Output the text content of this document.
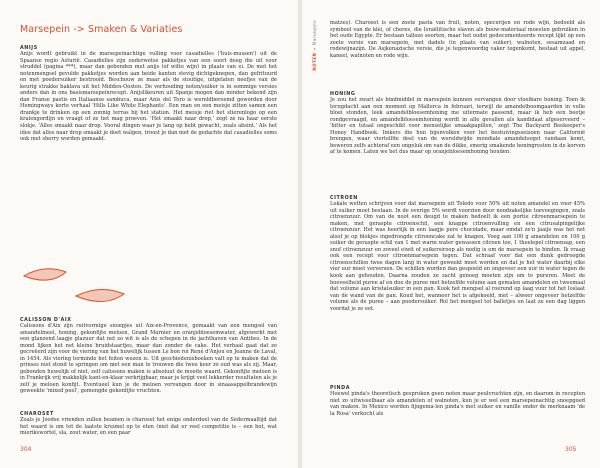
Marsepein -> Smaken & Variaties
ANIJS
Anijs wordt gebruikt in de marsepeinachtige vulling voor casadielles ('huis-mussen') uit de Spaanse regio Asturië. Casadielles zijn ouderwetse pakketjes van een soort deeg die uit voor struddel (pagina ***), maar dan gebonden met anijs (of witte wijn) in plaats van ei. De met het notenmengsel gevulde pakketjes worden aan beide kanten stevig dichtgeknepen, dan gefrituurd en met poedersuiker bestrooid. Beschouw ze maar als de stoutige, uitgelaten neefjes van de keurig strakke baklava uit het Midden-Oosten. De verhouding noten/suiker is in sommige versies anders dan in ons basismarsepeinrecept. Anijslikeuren uit Spanje mogen dan minder bekend zijn dan Franse pastis en Italiaanse sambuca, maar Anis del Toro is wereldberoemd geworden door Hemingways korte verhaal 'Hills Like White Elephants'. Een man en een meisje zitten samen een drankje te drinken op een zonnig terras bij het station. Het meisje riet het stierenlogo op een kralengordijn en vraagt of ze het mag proeven. 'Het smaakt naar drop,' zegt ze na haar eerste slokje. 'Alles smaakt naar drop. Vooral dingen waar je lang op hebt gewacht, zoals absint.' Als het idee dat alles naar drop smaakt je doet walgen, troost je dan met de gedachte dat casadielles soms ook met sherry worden gemaakt.
CALISSON D'AIX
Calissons d'Aix zijn ruitvormige snoepjes uit Aix-en-Provence, gemaakt van een mengsel van amandelmeel, honing, gekonfijte meloen, Grand Marnier en oranjebloesemwater, afgewerkt met een glanzend laagje glazuur dat net zo wit is als de schepen in de jachthaven van Antibes. In de mond lijken het net kleine bruidstaartjes, maar dan zonder de cake. Het verhaal gaat dat ze gecreëerd zijn voor de viering van het huwelijk tussen Le bon roi René d'Anjou en Jeanne de Laval, in 1454. Als viering terminde het feiten wezen is. Uit geschiedenisboeken valt op te maken dat de prinses niet stond te springen om met een man te trouwen die twee keer zo oud was als zij. Maar, gebonden huwelijk of niet, zelf calissons maken is absoluut de moeite waard. Gekonfijte meloen is in Frankrijk vrij makkelijk kant-en-klaar verkrijgbaar, maar je krijgt veel lekkerder resultaten als je zelf je meloen konfijt. Eventueel kun je de meloen vervangen door in sinaasappelbrandewijn geweekte 'mixed peel', gemengde gekonfijte vruchten.
CHAROSET
Zoals je Joodse vrienden zullen beamen is charoset het enige onderdeel van de Sedermaaltijd dat het waard is om tot de laatste kruimel op te eten (niet dat er veel competitie is – een bot, wat mierikswortel, sla, zout water, en een paar
304
NOTEN → Marsepein	matzes). Charoset is een zoete pasta van fruit, noten, specerijen en rode wijn, bedoeld als symbool van de klei, of cheres, die Israëlitische slaven als bouw-materiaal moesten gebruiken in het oude Egypte. Er bestaan talloze soorten, maar het oudst gedocumenteerde recept lijkt op een zoete versie van marsepein, met dadels (in plaats van suiker), walnoten, sesamzaad en rodewijnazijn. De Asjkenazische versie, die je tegenwoordig vaker tegenkomt, bestaat uit appel, kaneel, walnoten en rode wijn.
HONING
Je zou het zwart als bindmiddel in marsepein kunnen vervangen door vloeibare honing. Toen ik terugdacht aan een moment op Mallorca in februari, terwijl de amandelboomgaarden in volle bloei stonden, leek amandelbloesemhoning me uitermate passend, maar ik heb een beetje rondgevraagd, en amandelbloesemhoning wordt in alle gevallen als kandidaat afgeserveerd – 'bitter en totaal ongeschikt voor menselijke smaakpapillen,' zegt The Backyard Beekeeper's Honey Handbook. Imkers die hun bijenvolken voor het bestuivingsseizoen naar Californië brengen, waar viertelfde deel van de wereldwijde mondiale amandeloogst vandaan komt, beweren zelfs achteraf een ongeluk om van de dikke, smerig smakende honingresten in de korven af te komen. Laten we het dus maar op oranjebloesemhoning houden.
CITROEN
Lokale wetten schrijven voor dat marsepein uit Toledo voor 50% uit noten amandel en voor 45% uit suiker moet bestaan. In de overige 5% wordt voorzien door noodzakelijke toevoegingen, zoals citroenzuur. Om van de noot een deugd te maken bedoelt ik een portie citroenmarsepein te maken, met geraspte citroenschil, een knappe citroenvulling en een citrusalpingelijke citroenzuur. Het was heerlijk in een laagje pure chocolade, maar omdat ze'n jaaije was het net alsof je op blokjes ingedroogde citroencake zat te knagen. Voeg aan 100 g amandelen en 100 g suiker de geraspte schil van 1 met warm water gewassen citroen toe, 1 theelepel citroensap, een snuf citroenzuur en zoveel eiwit of suikersiroop als nodig is om de marsepein te binden. Ik vraag ook een recept voor citroenmarsepein tegen. Dat schraaf voor dat een dunk gedroogde citroenschillen twee dagen lang in water geweekt moet worden en dat je het water daarbij elke vier uur moet verversen. De schillen worden dan gespoeld en ongeveer een uur in water tegen de kook aan gehouden. Daarna zouden ze zacht genoeg moeten zijn om te pureren. Meet de hoeveelheid puree af en doe de puree met hetzelfde volume aan gemalen amandelen en tweemaal dat volume aan kristalsuiker in een pan. Kook het mengsel al roerend op laag vuur tot het loslaat van de wand van de pan. Koud het, wanneer het is afgekoeld, met – alweer ongeveer hetzelfde volume als de puree – aan poedersuiker. Rol het mengsel tot balletjes en laat ze een dag liggen voordat je ze eet.
PINDA
Hoewel pinda's theoretisch gesproken geen noten maar peulvruchten zijn, en daarom in recepten niet zo uitwisselbaar als amandelen of walnoten, kun je er wel een marsepeinachtig snoepgoed van maken. In Mexico worden fijngema-len pinda's met suiker en vanille onder de merknaam 'de la Rosa' verkocht als
305
